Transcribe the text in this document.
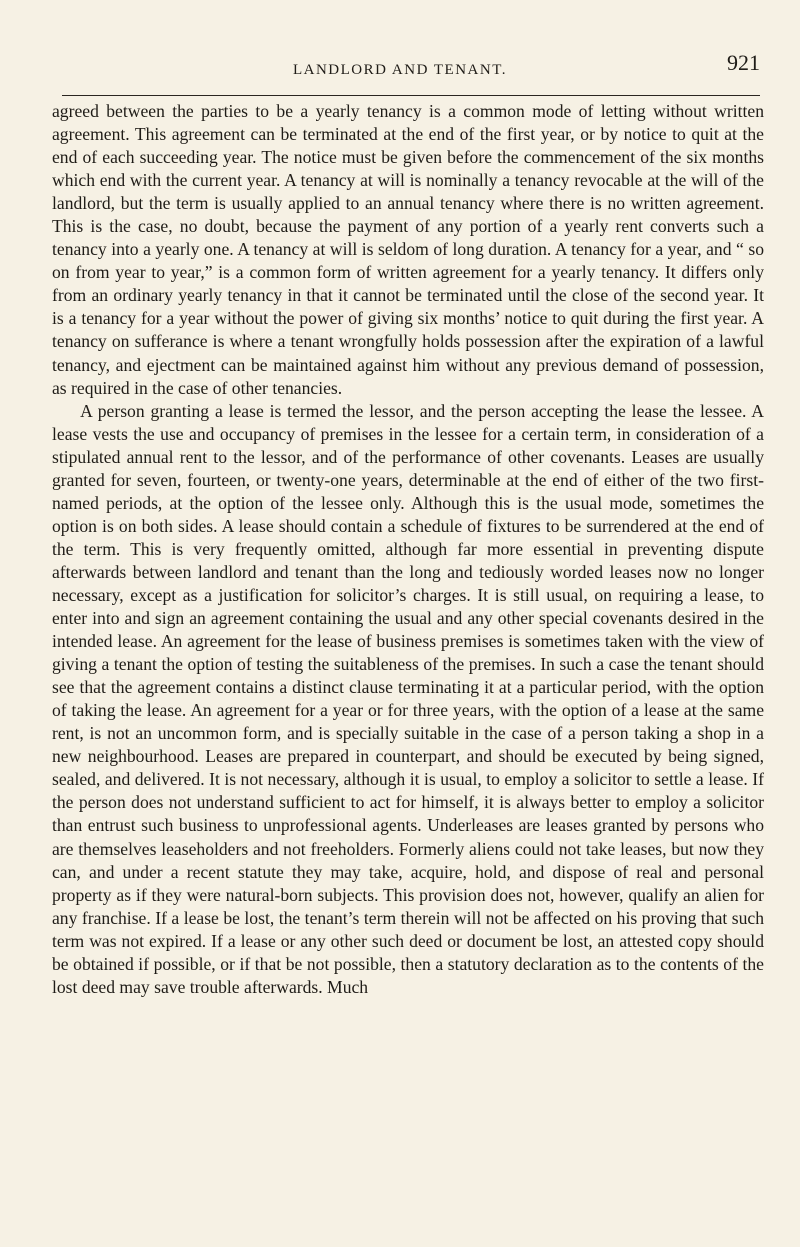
LANDLORD AND TENANT.	921

agreed between the parties to be a yearly tenancy is a common mode of letting without written agreement. This agreement can be terminated at the end of the first year, or by notice to quit at the end of each succeeding year. The notice must be given before the commencement of the six months which end with the current year. A tenancy at will is nominally a tenancy revocable at the will of the landlord, but the term is usually applied to an annual tenancy where there is no written agreement. This is the case, no doubt, because the payment of any portion of a yearly rent converts such a tenancy into a yearly one. A tenancy at will is seldom of long duration. A tenancy for a year, and “ so on from year to year,” is a common form of written agreement for a yearly tenancy. It differs only from an ordinary yearly tenancy in that it cannot be terminated until the close of the second year. It is a tenancy for a year without the power of giving six months’ notice to quit during the first year. A tenancy on sufferance is where a tenant wrongfully holds possession after the expiration of a lawful tenancy, and ejectment can be maintained against him without any previous demand of possession, as required in the case of other tenancies.

A person granting a lease is termed the lessor, and the person accepting the lease the lessee. A lease vests the use and occupancy of premises in the lessee for a certain term, in consideration of a stipulated annual rent to the lessor, and of the performance of other covenants. Leases are usually granted for seven, fourteen, or twenty-one years, determinable at the end of either of the two first-named periods, at the option of the lessee only. Although this is the usual mode, sometimes the option is on both sides. A lease should contain a schedule of fixtures to be surrendered at the end of the term. This is very frequently omitted, although far more essential in preventing dispute afterwards between landlord and tenant than the long and tediously worded leases now no longer necessary, except as a justification for solicitor’s charges. It is still usual, on requiring a lease, to enter into and sign an agreement containing the usual and any other special covenants desired in the intended lease. An agreement for the lease of business premises is sometimes taken with the view of giving a tenant the option of testing the suitableness of the premises. In such a case the tenant should see that the agreement contains a distinct clause terminating it at a particular period, with the option of taking the lease. An agreement for a year or for three years, with the option of a lease at the same rent, is not an uncommon form, and is specially suitable in the case of a person taking a shop in a new neighbourhood. Leases are prepared in counterpart, and should be executed by being signed, sealed, and delivered. It is not necessary, although it is usual, to employ a solicitor to settle a lease. If the person does not understand sufficient to act for himself, it is always better to employ a solicitor than entrust such business to unprofessional agents. Underleases are leases granted by persons who are themselves leaseholders and not freeholders. Formerly aliens could not take leases, but now they can, and under a recent statute they may take, acquire, hold, and dispose of real and personal property as if they were natural-born subjects. This provision does not, however, qualify an alien for any franchise. If a lease be lost, the tenant’s term therein will not be affected on his proving that such term was not expired. If a lease or any other such deed or document be lost, an attested copy should be obtained if possible, or if that be not possible, then a statutory declaration as to the contents of the lost deed may save trouble afterwards. Much
